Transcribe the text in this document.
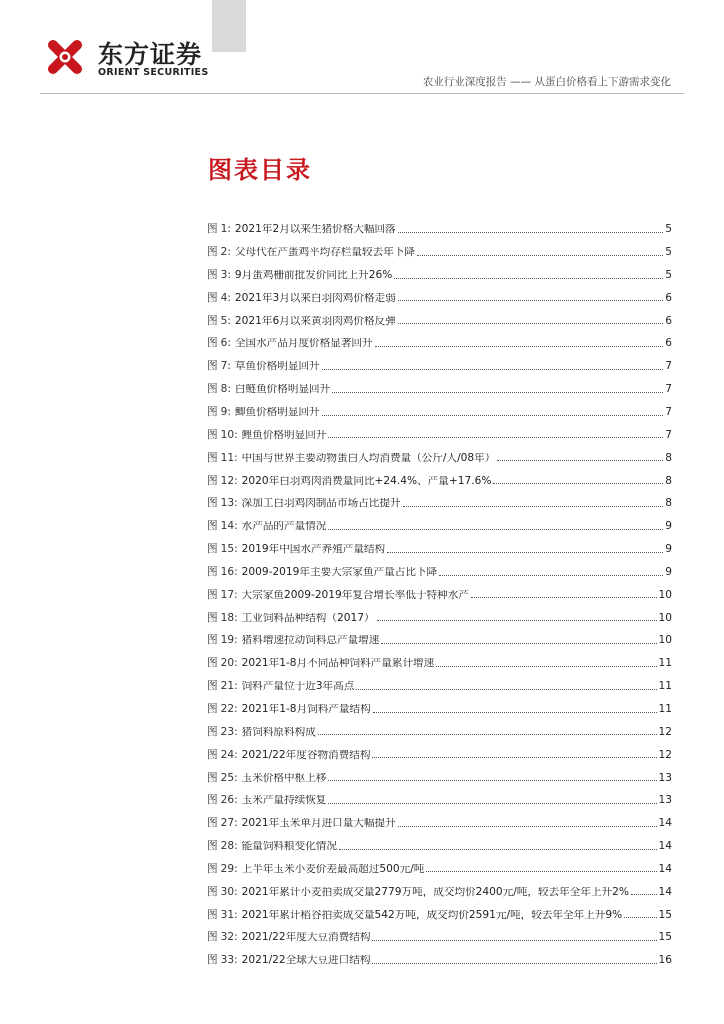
东方证券
ORIENT SECURITIES
农业行业深度报告 —— 从蛋白价格看上下游需求变化
图表目录
图 1: 2021年2月以来生猪价格大幅回落	5
图 2: 父母代在产蛋鸡平均存栏量较去年下降	5
图 3: 9月蛋鸡栅前批发价同比上升26%	5
图 4: 2021年3月以来白羽肉鸡价格走弱	6
图 5: 2021年6月以来黄羽肉鸡价格反弹	6
图 6: 全国水产品月度价格显著回升	6
图 7: 草鱼价格明显回升	7
图 8: 白鲢鱼价格明显回升	7
图 9: 鲫鱼价格明显回升	7
图 10: 鲤鱼价格明显回升	7
图 11: 中国与世界主要动物蛋白人均消费量（公斤/人/08年）	8
图 12: 2020年白羽鸡肉消费量同比+24.4%、产量+17.6%	8
图 13: 深加工白羽鸡肉制品市场占比提升	8
图 14: 水产品的产量情况	9
图 15: 2019年中国水产养殖产量结构	9
图 16: 2009-2019年主要大宗家鱼产量占比下降	9
图 17: 大宗家鱼2009-2019年复合增长率低于特种水产	10
图 18: 工业饲料品种结构（2017）	10
图 19: 猪料增速拉动饲料总产量增速	10
图 20: 2021年1-8月不同品种饲料产量累计增速	11
图 21: 饲料产量位于近3年高点	11
图 22: 2021年1-8月饲料产量结构	11
图 23: 猪饲料原料构成	12
图 24: 2021/22年度谷物消费结构	12
图 25: 玉米价格中枢上移	13
图 26: 玉米产量持续恢复	13
图 27: 2021年玉米单月进口量大幅提升	14
图 28: 能量饲料粮变化情况	14
图 29: 上半年玉米小麦价差最高超过500元/吨	14
图 30: 2021年累计小麦拍卖成交量2779万吨，成交均价2400元/吨，较去年全年上升2%	14
图 31: 2021年累计稻谷拍卖成交量542万吨，成交均价2591元/吨，较去年全年上升9%	15
图 32: 2021/22年度大豆消费结构	15
图 33: 2021/22全球大豆进口结构	16
